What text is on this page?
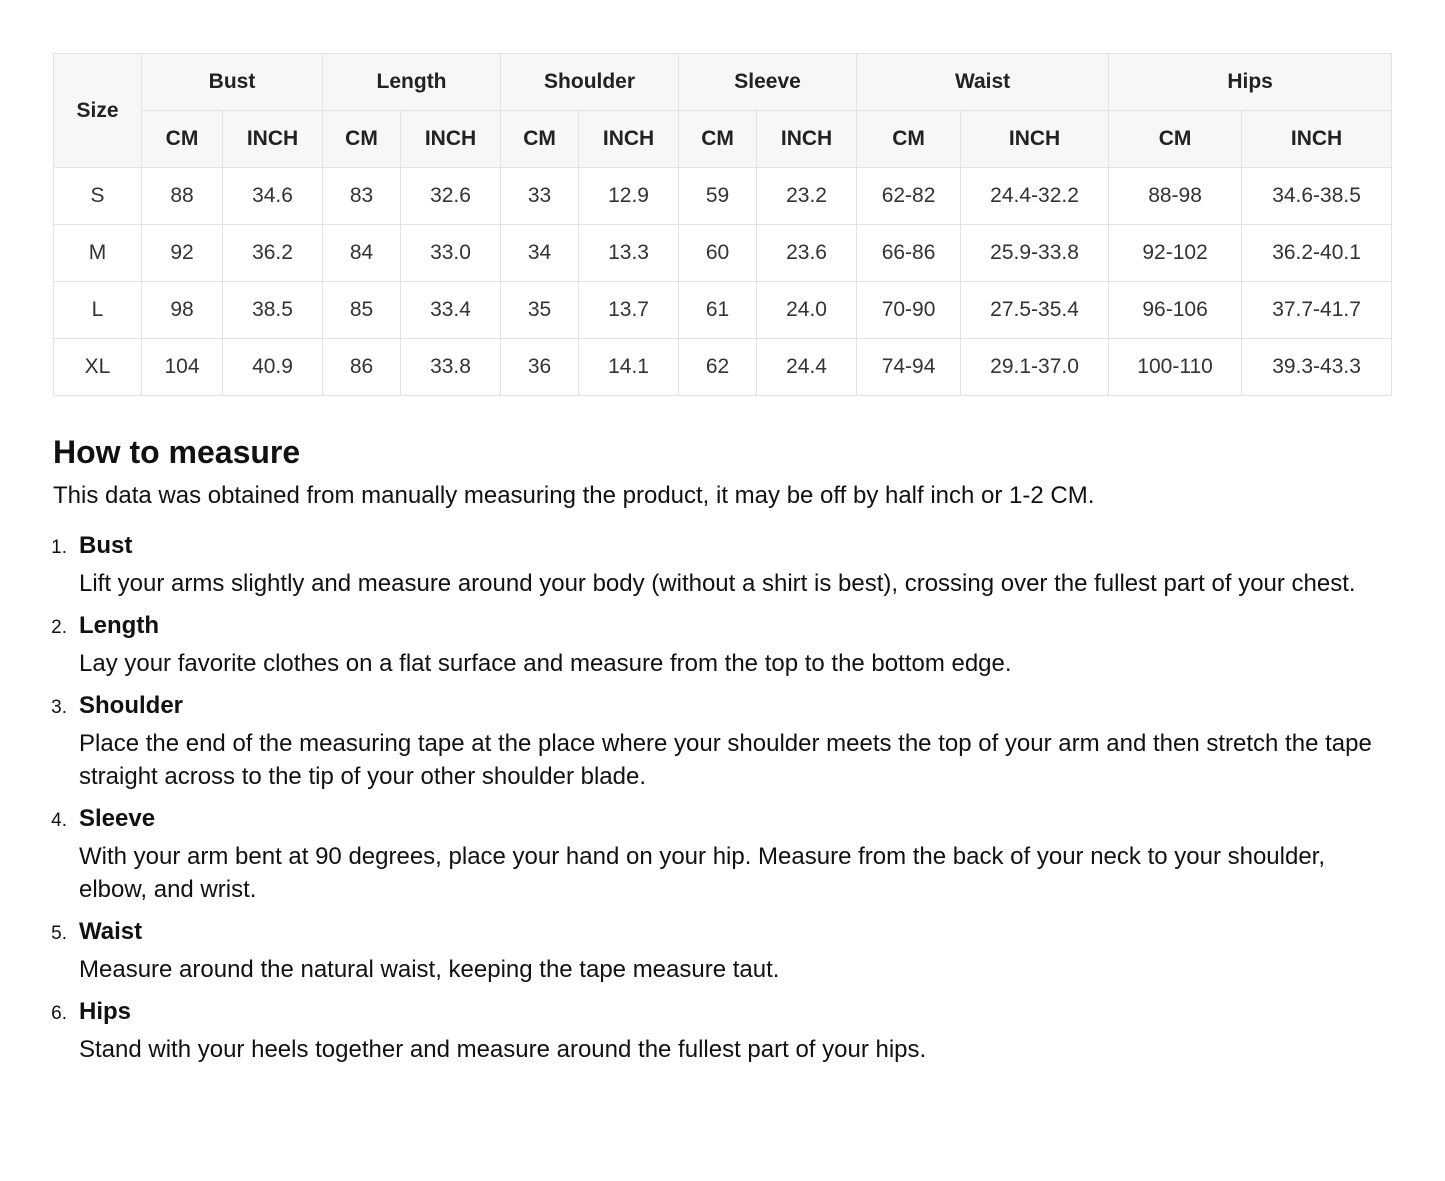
Size	Bust		Length		Shoulder		Sleeve		Waist		Hips	
	CM	INCH	CM	INCH	CM	INCH	CM	INCH	CM	INCH	CM	INCH
S	88	34.6	83	32.6	33	12.9	59	23.2	62-82	24.4-32.2	88-98	34.6-38.5
M	92	36.2	84	33.0	34	13.3	60	23.6	66-86	25.9-33.8	92-102	36.2-40.1
L	98	38.5	85	33.4	35	13.7	61	24.0	70-90	27.5-35.4	96-106	37.7-41.7
XL	104	40.9	86	33.8	36	14.1	62	24.4	74-94	29.1-37.0	100-110	39.3-43.3
How to measure

This data was obtained from manually measuring the product, it may be off by half inch or 1-2 CM.

1. Bust
Lift your arms slightly and measure around your body (without a shirt is best), crossing over the fullest part of your chest.
2. Length
Lay your favorite clothes on a flat surface and measure from the top to the bottom edge.
3. Shoulder
Place the end of the measuring tape at the place where your shoulder meets the top of your arm and then stretch the tape straight across to the tip of your other shoulder blade.
4. Sleeve
With your arm bent at 90 degrees, place your hand on your hip. Measure from the back of your neck to your shoulder, elbow, and wrist.
5. Waist
Measure around the natural waist, keeping the tape measure taut.
6. Hips
Stand with your heels together and measure around the fullest part of your hips.
